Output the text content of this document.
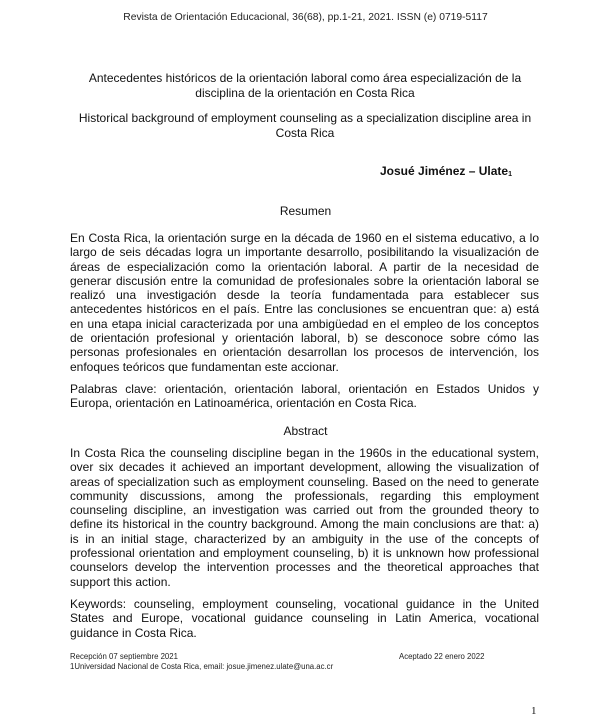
Revista de Orientación Educacional, 36(68), pp.1-21, 2021. ISSN (e) 0719-5117
Antecedentes históricos de la orientación laboral como área especialización de la disciplina de la orientación en Costa Rica
Historical background of employment counseling as a specialization discipline area in Costa Rica
Josué Jiménez – Ulate$^1$
Resumen

En Costa Rica, la orientación surge en la década de 1960 en el sistema educativo, a lo largo de seis décadas logra un importante desarrollo, posibilitando la visualización de áreas de especialización como la orientación laboral. A partir de la necesidad de generar discusión entre la comunidad de profesionales sobre la orientación laboral se realizó una investigación desde la teoría fundamentada para establecer sus antecedentes históricos en el país. Entre las conclusiones se encuentran que: a) está en una etapa inicial caracterizada por una ambigüedad en el empleo de los conceptos de orientación profesional y orientación laboral, b) se desconoce sobre cómo las personas profesionales en orientación desarrollan los procesos de intervención, los enfoques teóricos que fundamentan este accionar.

Palabras clave: orientación, orientación laboral, orientación en Estados Unidos y Europa, orientación en Latinoamérica, orientación en Costa Rica.

Abstract

In Costa Rica the counseling discipline began in the 1960s in the educational system, over six decades it achieved an important development, allowing the visualization of areas of specialization such as employment counseling. Based on the need to generate community discussions, among the professionals, regarding this employment counseling discipline, an investigation was carried out from the grounded theory to define its historical in the country background. Among the main conclusions are that: a) is in an initial stage, characterized by an ambiguity in the use of the concepts of professional orientation and employment counseling, b) it is unknown how professional counselors develop the intervention processes and the theoretical approaches that support this action.

Keywords: counseling, employment counseling, vocational guidance in the United States and Europe, vocational guidance counseling in Latin America, vocational guidance in Costa Rica.

Recepción 07 septiembre 2021
1Universidad Nacional de Costa Rica, email: josue.jimenez.ulate@una.ac.cr
Aceptado 22 enero 2022
1
